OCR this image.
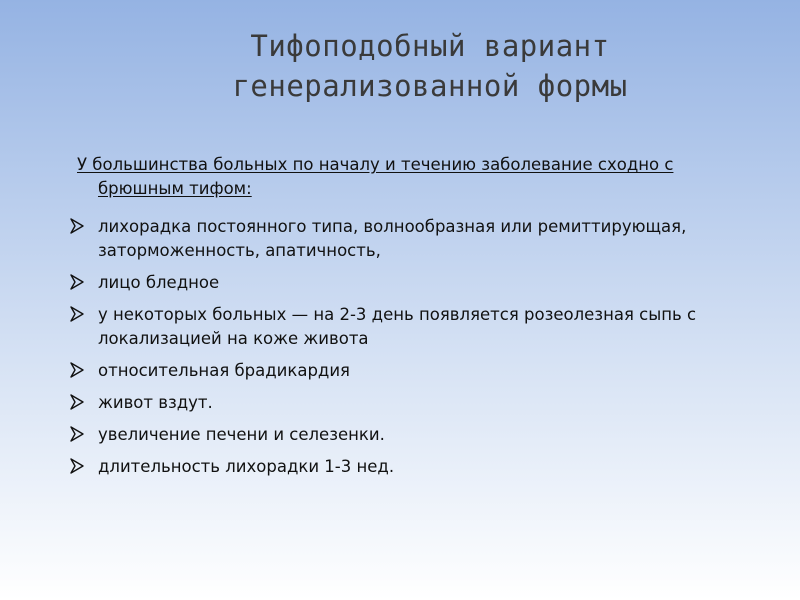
Тифоподобный вариант
генерализованной формы
У большинства больных по началу и течению заболевание сходно с
брюшным тифом:
лихорадка постоянного типа, волнообразная или ремиттирующая,
заторможенность, апатичность,
лицо бледное
у некоторых больных — на 2-3 день появляется розеолезная сыпь с
локализацией на коже живота
относительная брадикардия
живот вздут.
увеличение печени и селезенки.
длительность лихорадки 1-3 нед.
